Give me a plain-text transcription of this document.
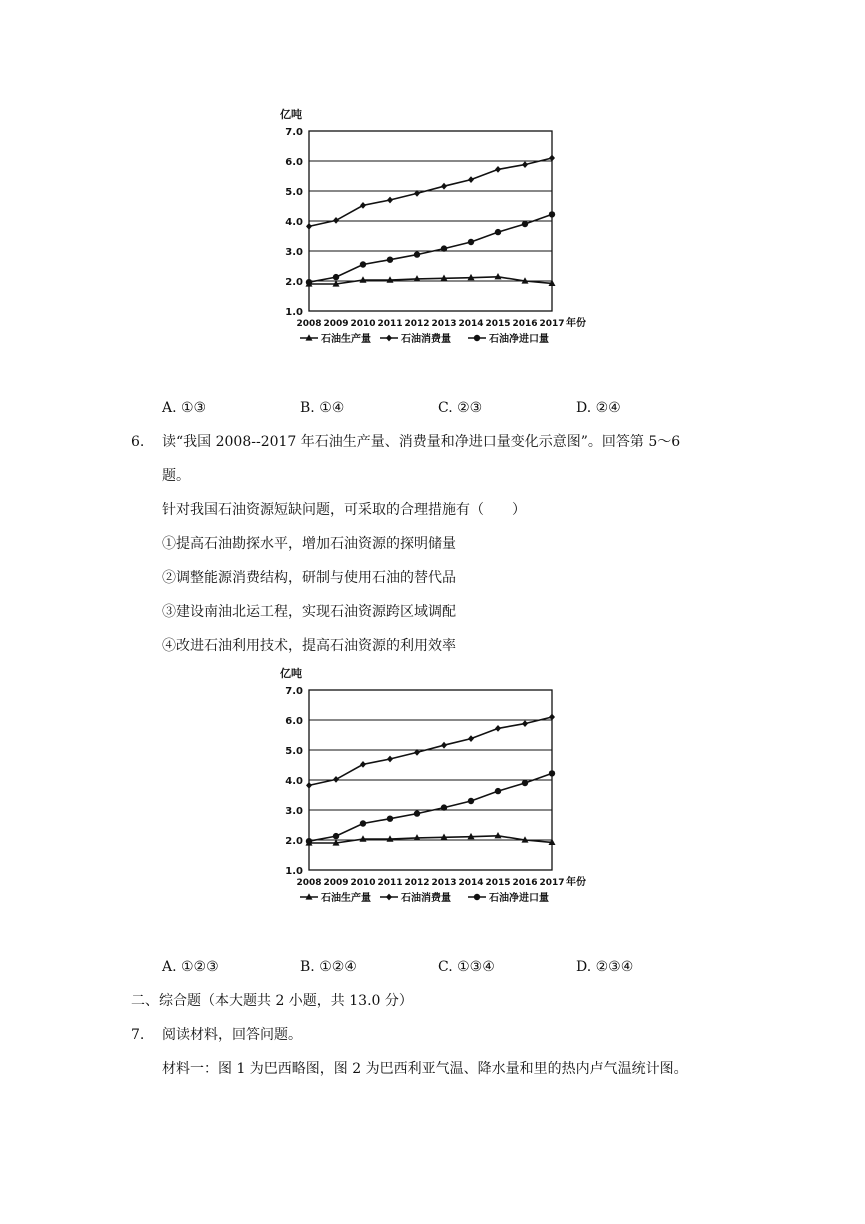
1.0
2.0
3.0
4.0
5.0
6.0
7.0
亿吨
2008 2009 2010 2011 2012 2013 2014 2015 2016 2017 年份
石油生产量	石油消费量	石油净进口量
A. ①③	B. ①④	C. ②③	D. ②④
6. 读“我国 2008--2017 年石油生产量、消费量和净进口量变化示意图”。回答第 5～6
题。
针对我国石油资源短缺问题，可采取的合理措施有（　　）
①提高石油勘探水平，增加石油资源的探明储量
②调整能源消费结构，研制与使用石油的替代品
③建设南油北运工程，实现石油资源跨区域调配
④改进石油利用技术，提高石油资源的利用效率
1.0
2.0
3.0
4.0
5.0
6.0
7.0
亿吨
2008 2009 2010 2011 2012 2013 2014 2015 2016 2017 年份
石油生产量	石油消费量	石油净进口量
A. ①②③	B. ①②④	C. ①③④	D. ②③④
二、综合题（本大题共 2 小题，共 13.0 分）
7. 阅读材料，回答问题。
材料一：图 1 为巴西略图，图 2 为巴西利亚气温、降水量和里的热内卢气温统计图。
